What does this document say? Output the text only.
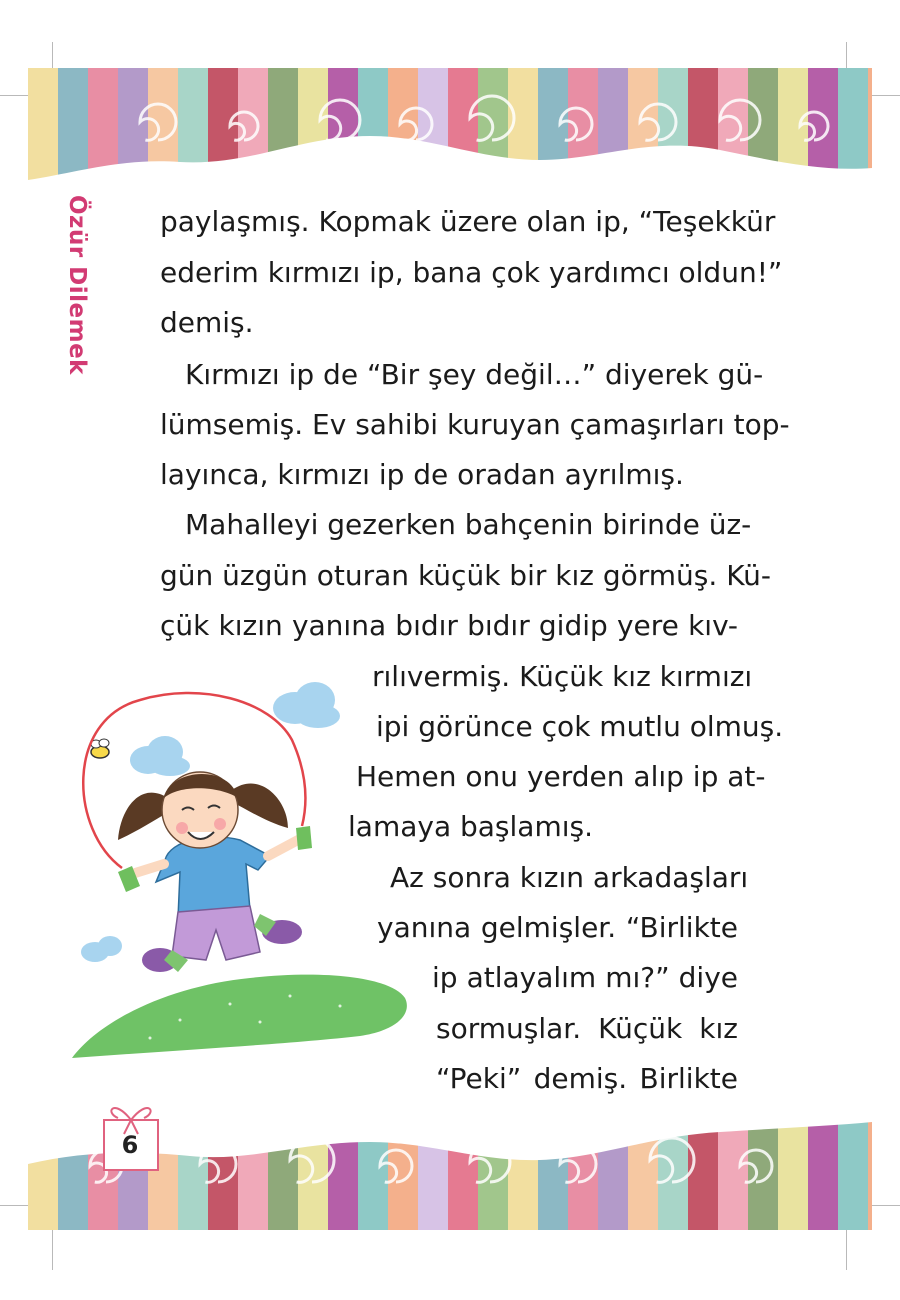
Özür Dilemek	paylaşmış. Kopmak üzere olan ip, “Teşekkür

ederim kırmızı ip, bana çok yardımcı oldun!”

demiş.

Kırmızı ip de “Bir şey değil…” diyerek gü-

lümsemiş. Ev sahibi kuruyan çamaşırları top-

layınca, kırmızı ip de oradan ayrılmış.

Mahalleyi gezerken bahçenin birinde üz-

gün üzgün oturan küçük bir kız görmüş. Kü-

çük kızın yanına bıdır bıdır gidip yere kıv-

rılıvermiş. Küçük kız kırmızı

ipi görünce çok mutlu olmuş.

Hemen onu yerden alıp ip at-

lamaya başlamış.

Az sonra kızın arkadaşları

yanına gelmişler. “Birlikte

ip atlayalım mı?” diye

sormuşlar. Küçük kız

“Peki” demiş. Birlikte

6
